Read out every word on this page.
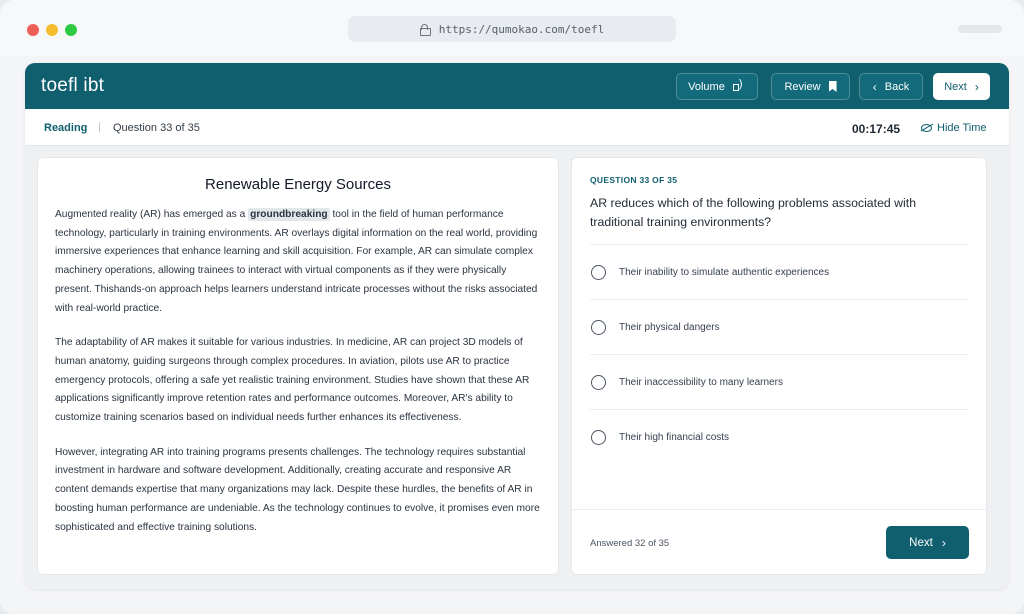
https://qumokao.com/toefl
toefl ibt	Volume
)	Review	‹ Back	Next ›
Reading | Question 33 of 35	00:17:45	Hide Time
Renewable Energy Sources

Augmented reality (AR) has emerged as a groundbreaking tool in the field of human performance technology, particularly in training environments. AR overlays digital information on the real world, providing immersive experiences that enhance learning and skill acquisition. For example, AR can simulate complex machinery operations, allowing trainees to interact with virtual components as if they were physically present. Thishands-on approach helps learners understand intricate processes without the risks associated with real-world practice.

The adaptability of AR makes it suitable for various industries. In medicine, AR can project 3D models of human anatomy, guiding surgeons through complex procedures. In aviation, pilots use AR to practice emergency protocols, offering a safe yet realistic training environment. Studies have shown that these AR applications significantly improve retention rates and performance outcomes. Moreover, AR's ability to customize training scenarios based on individual needs further enhances its effectiveness.

However, integrating AR into training programs presents challenges. The technology requires substantial investment in hardware and software development. Additionally, creating accurate and responsive AR content demands expertise that many organizations may lack. Despite these hurdles, the benefits of AR in boosting human performance are undeniable. As the technology continues to evolve, it promises even more sophisticated and effective training solutions.

QUESTION 33 OF 35
AR reduces which of the following problems associated with traditional training environments?
Their inability to simulate authentic experiences
Their physical dangers
Their inaccessibility to many learners
Their high financial costs
Answered 32 of 35	Next ›
